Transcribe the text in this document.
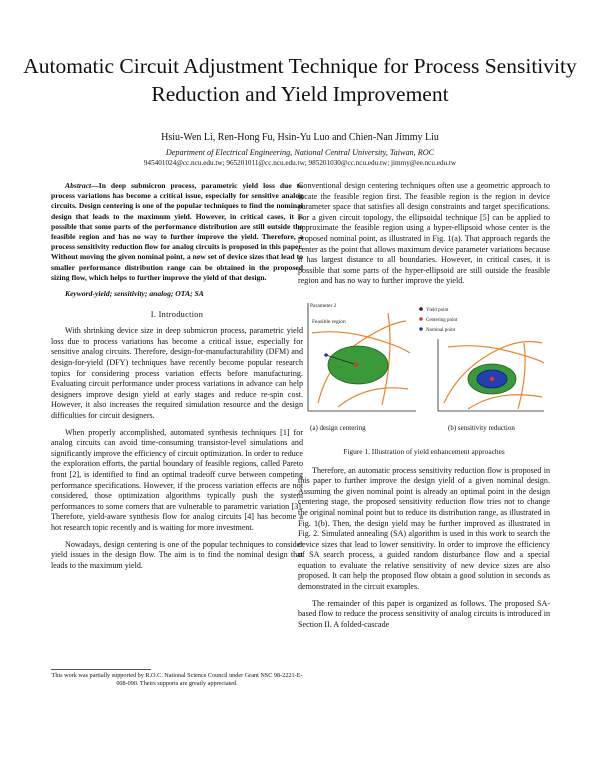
Automatic Circuit Adjustment Technique for Process Sensitivity Reduction and Yield Improvement
Hsiu-Wen Li, Ren-Hong Fu, Hsin-Yu Luo and Chien-Nan Jimmy Liu
Department of Electrical Engineering, National Central University, Taiwan, ROC
945401024@cc.ncu.edu.tw; 965201011@cc.ncu.edu.tw; 985201030@cc.ncu.edu.tw; jimmy@ee.ncu.edu.tw

Abstract—In deep submicron process, parametric yield loss due to process variations has become a critical issue, especially for sensitive analog circuits. Design centering is one of the popular techniques to find the nominal design that leads to the maximum yield. However, in critical cases, it is possible that some parts of the performance distribution are still outside the feasible region and has no way to further improve the yield. Therefore, a process sensitivity reduction flow for analog circuits is proposed in this paper. Without moving the given nominal point, a new set of device sizes that lead to smaller performance distribution range can be obtained in the proposed sizing flow, which helps to further improve the yield of that design.

Keyword-yield; sensitivity; analog; OTA; SA

I. Introduction

With shrinking device size in deep submicron process, parametric yield loss due to process variations has become a critical issue, especially for sensitive analog circuits. Therefore, design-for-manufacturability (DFM) and design-for-yield (DFY) techniques have recently become popular research topics for considering process variation effects before manufacturing. Evaluating circuit performance under process variations in advance can help designers improve design yield at early stages and reduce re-spin cost. However, it also increases the required simulation resource and the design difficulties for circuit designers.

When properly accomplished, automated synthesis techniques [1] for analog circuits can avoid time-consuming transistor-level simulations and significantly improve the efficiency of circuit optimization. In order to reduce the exploration efforts, the partial boundary of feasible regions, called Pareto front [2], is identified to find an optimal tradeoff curve between competing performance specifications. However, if the process variation effects are not considered, those optimization algorithms typically push the system performances to some corners that are vulnerable to parametric variation [3]. Therefore, yield-aware synthesis flow for analog circuits [4] has become a hot research topic recently and is waiting for more investment.

Nowadays, design centering is one of the popular techniques to consider yield issues in the design flow. The aim is to find the nominal design that leads to the maximum yield.

Conventional design centering techniques often use a geometric approach to locate the feasible region first. The feasible region is the region in device parameter space that satisfies all design constraints and target specifications. For a given circuit topology, the ellipsoidal technique [5] can be applied to approximate the feasible region using a hyper-ellipsoid whose center is the proposed nominal point, as illustrated in Fig. 1(a). That approach regards the center as the point that allows maximum device parameter variations because it has largest distance to all boundaries. However, in critical cases, it is possible that some parts of the hyper-ellipsoid are still outside the feasible region and has no way to further improve the yield.

Parameter 2
Feasible region
Yield point
Centering point
Nominal point
(a) design centering	(b) sensitivity reduction

Figure 1. Illustration of yield enhancement approaches

Therefore, an automatic process sensitivity reduction flow is proposed in this paper to further improve the design yield of a given nominal design. Assuming the given nominal point is already an optimal point in the design centering stage, the proposed sensitivity reduction flow tries not to change the original nominal point but to reduce its distribution range, as illustrated in Fig. 1(b). Then, the design yield may be further improved as illustrated in Fig. 2. Simulated annealing (SA) algorithm is used in this work to search the device sizes that lead to lower sensitivity. In order to improve the efficiency of SA search process, a guided random disturbance flow and a special equation to evaluate the relative sensitivity of new device sizes are also proposed. It can help the proposed flow obtain a good solution in seconds as demonstrated in the circuit examples.

The remainder of this paper is organized as follows. The proposed SA-based flow to reduce the process sensitivity of analog circuits is introduced in Section II. A folded-cascade

This work was partially supported by R.O.C. National Science Council under Grant NSC 98-2221-E-008-090. Theirs supports are greatly appreciated.
